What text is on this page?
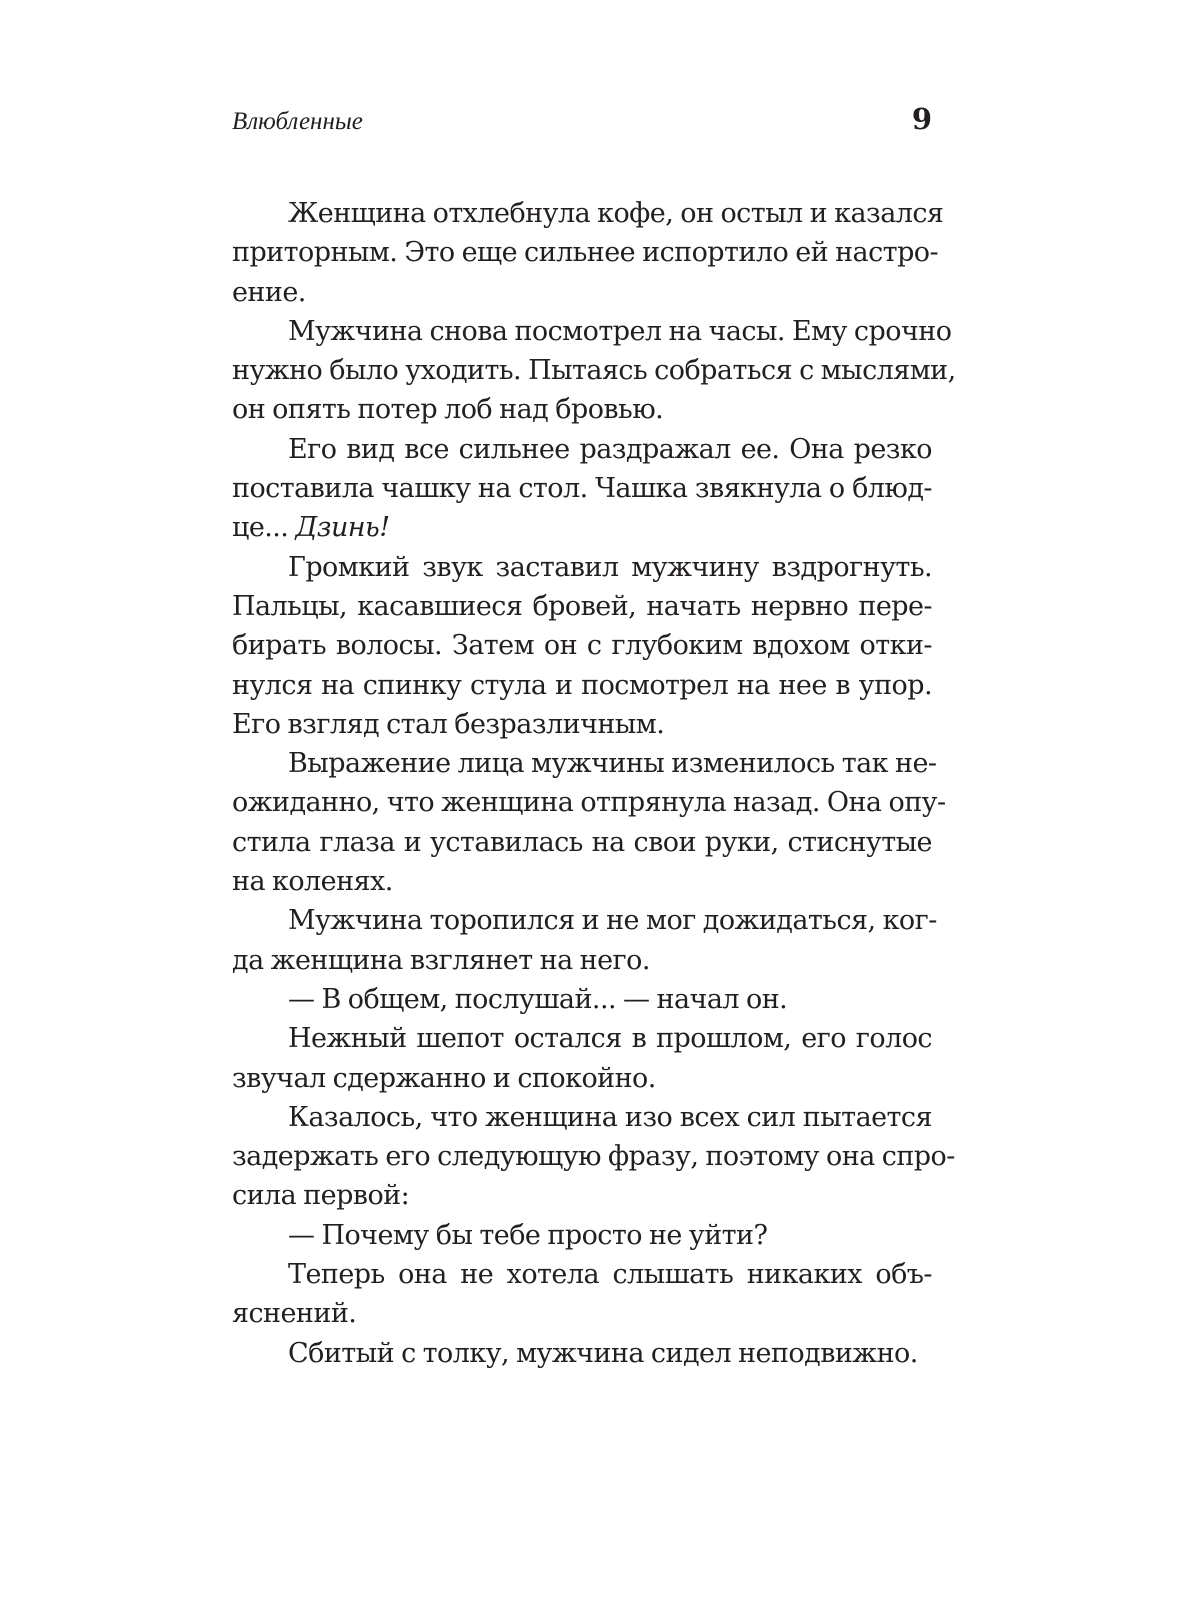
Влюбленные	9
Женщина отхлебнула кофе, он остыл и казался
приторным. Это еще сильнее испортило ей настро-
ение.
Мужчина снова посмотрел на часы. Ему срочно
нужно было уходить. Пытаясь собраться с мыслями,
он опять потер лоб над бровью.
Его вид все сильнее раздражал ее. Она резко
поставила чашку на стол. Чашка звякнула о блюд-
це... Дзинь!
Громкий звук заставил мужчину вздрогнуть.
Пальцы, касавшиеся бровей, начать нервно пере-
бирать волосы. Затем он с глубоким вдохом отки-
нулся на спинку стула и посмотрел на нее в упор.
Его взгляд стал безразличным.
Выражение лица мужчины изменилось так не-
ожиданно, что женщина отпрянула назад. Она опу-
стила глаза и уставилась на свои руки, стиснутые
на коленях.
Мужчина торопился и не мог дожидаться, ког-
да женщина взглянет на него.
— В общем, послушай... — начал он.
Нежный шепот остался в прошлом, его голос
звучал сдержанно и спокойно.
Казалось, что женщина изо всех сил пытается
задержать его следующую фразу, поэтому она спро-
сила первой:
— Почему бы тебе просто не уйти?
Теперь она не хотела слышать никаких объ-
яснений.
Сбитый с толку, мужчина сидел неподвижно.
